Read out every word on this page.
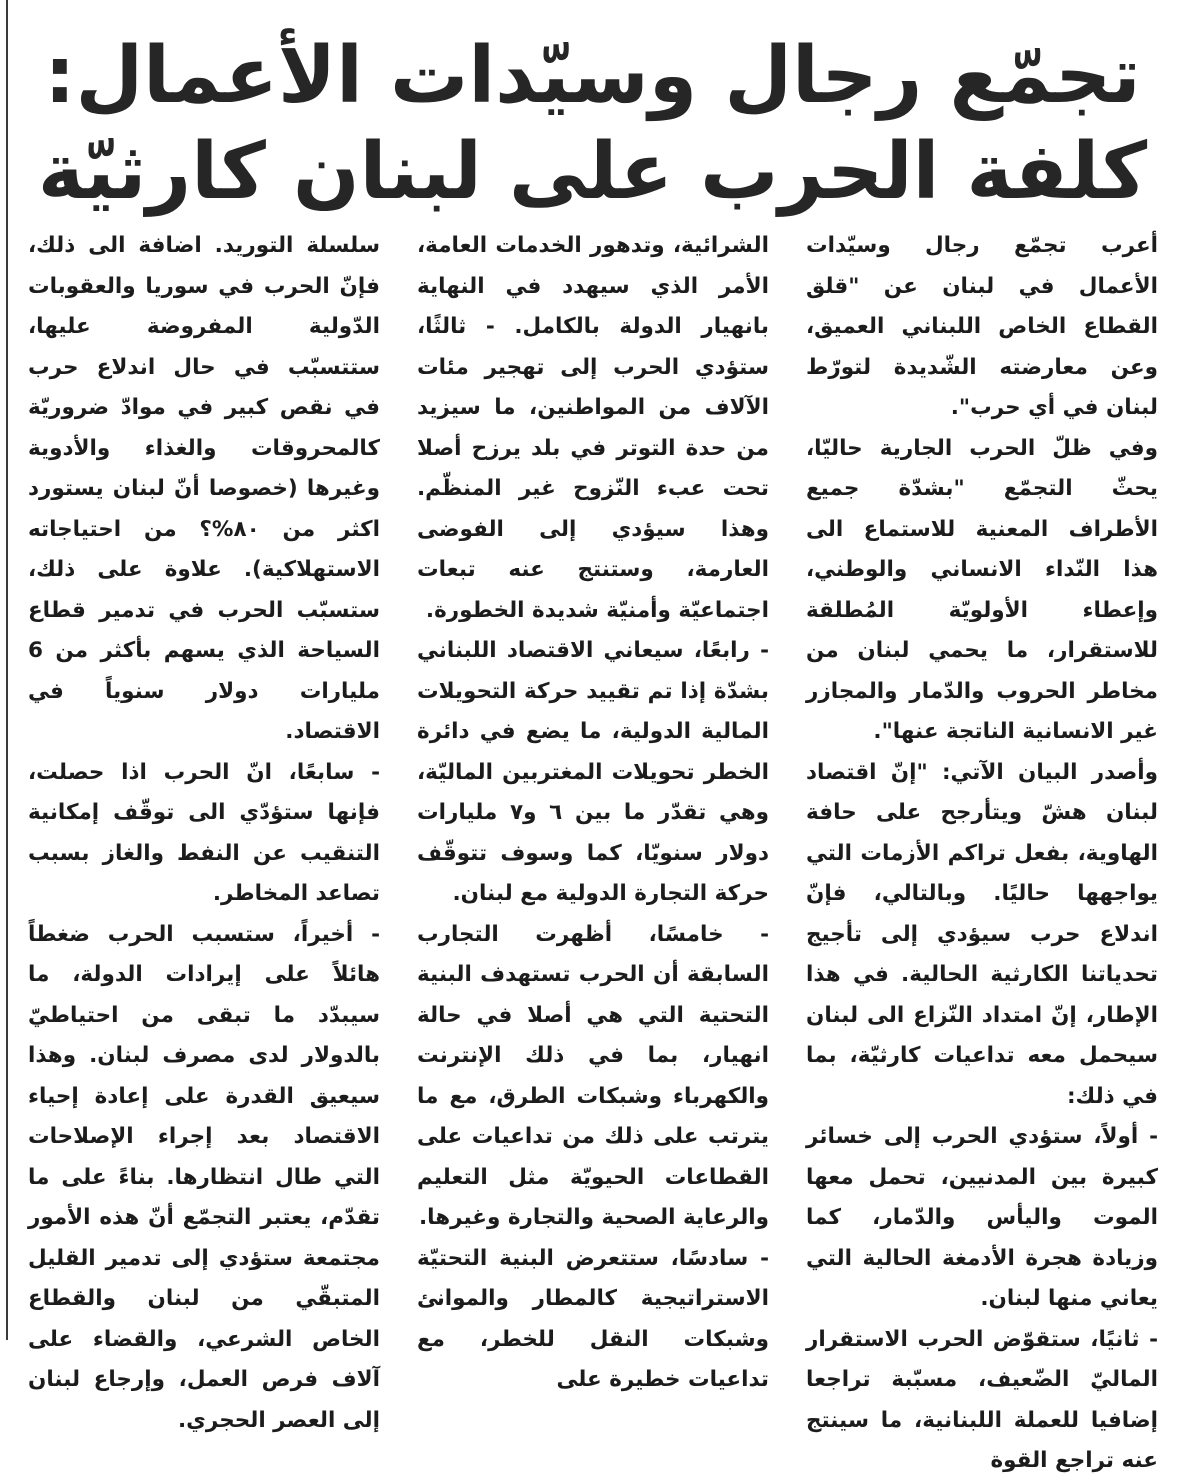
تجمّع رجال وسيّدات الأعمال:
كلفة الحرب على لبنان كارثيّة

أعرب تجمّع رجال وسيّدات الأعمال في لبنان عن "قلق القطاع الخاص اللبناني العميق، وعن معارضته الشّديدة لتورّط لبنان في أي حرب".

وفي ظلّ الحرب الجارية حاليّا، يحثّ التجمّع "بشدّة جميع الأطراف المعنية للاستماع الى هذا النّداء الانساني والوطني، وإعطاء الأولويّة المُطلقة للاستقرار، ما يحمي لبنان من مخاطر الحروب والدّمار والمجازر غير الانسانية الناتجة عنها".

وأصدر البيان الآتي: "إنّ اقتصاد لبنان هشّ ويتأرجح على حافة الهاوية، بفعل تراكم الأزمات التي يواجهها حاليًا. وبالتالي، فإنّ اندلاع حرب سيؤدي إلى تأجيج تحدياتنا الكارثية الحالية. في هذا الإطار، إنّ امتداد النّزاع الى لبنان سيحمل معه تداعيات كارثيّة، بما في ذلك:

- أولاً، ستؤدي الحرب إلى خسائر كبيرة بين المدنيين، تحمل معها الموت واليأس والدّمار، كما وزيادة هجرة الأدمغة الحالية التي يعاني منها لبنان.

- ثانيًا، ستقوّض الحرب الاستقرار الماليّ الضّعيف، مسبّبة تراجعا إضافيا للعملة اللبنانية، ما سينتج عنه تراجع القوة

الشرائية، وتدهور الخدمات العامة، الأمر الذي سيهدد في النهاية بانهيار الدولة بالكامل. - ثالثًا، ستؤدي الحرب إلى تهجير مئات الآلاف من المواطنين، ما سيزيد من حدة التوتر في بلد يرزح أصلا تحت عبء النّزوح غير المنظّم. وهذا سيؤدي إلى الفوضى العارمة، وستنتج عنه تبعات اجتماعيّة وأمنيّة شديدة الخطورة.

- رابعًا، سيعاني الاقتصاد اللبناني بشدّة إذا تم تقييد حركة التحويلات المالية الدولية، ما يضع في دائرة الخطر تحويلات المغتربين الماليّة، وهي تقدّر ما بين ٦ و٧ مليارات دولار سنويّا، كما وسوف تتوقّف حركة التجارة الدولية مع لبنان.

- خامسًا، أظهرت التجارب السابقة أن الحرب تستهدف البنية التحتية التي هي أصلا في حالة انهيار، بما في ذلك الإنترنت والكهرباء وشبكات الطرق، مع ما يترتب على ذلك من تداعيات على القطاعات الحيويّة مثل التعليم والرعاية الصحية والتجارة وغيرها.

- سادسًا، ستتعرض البنية التحتيّة الاستراتيجية كالمطار والموانئ وشبكات النقل للخطر، مع تداعيات خطيرة على

سلسلة التوريد. اضافة الى ذلك، فإنّ الحرب في سوريا والعقوبات الدّولية المفروضة عليها، ستتسبّب في حال اندلاع حرب في نقص كبير في موادّ ضروريّة كالمحروقات والغذاء والأدوية وغيرها (خصوصا أنّ لبنان يستورد اكثر من ٨٠%؟ من احتياجاته الاستهلاكية). علاوة على ذلك، ستسبّب الحرب في تدمير قطاع السياحة الذي يسهم بأكثر من 6 مليارات دولار سنوياً في الاقتصاد.

- سابعًا، انّ الحرب اذا حصلت، فإنها ستؤدّي الى توقّف إمكانية التنقيب عن النفط والغاز بسبب تصاعد المخاطر.

- أخيراً، ستسبب الحرب ضغطاً هائلاً على إيرادات الدولة، ما سيبدّد ما تبقى من احتياطيّ بالدولار لدى مصرف لبنان. وهذا سيعيق القدرة على إعادة إحياء الاقتصاد بعد إجراء الإصلاحات التي طال انتظارها. بناءً على ما تقدّم، يعتبر التجمّع أنّ هذه الأمور مجتمعة ستؤدي إلى تدمير القليل المتبقّي من لبنان والقطاع الخاص الشرعي، والقضاء على آلاف فرص العمل، وإرجاع لبنان إلى العصر الحجري.
